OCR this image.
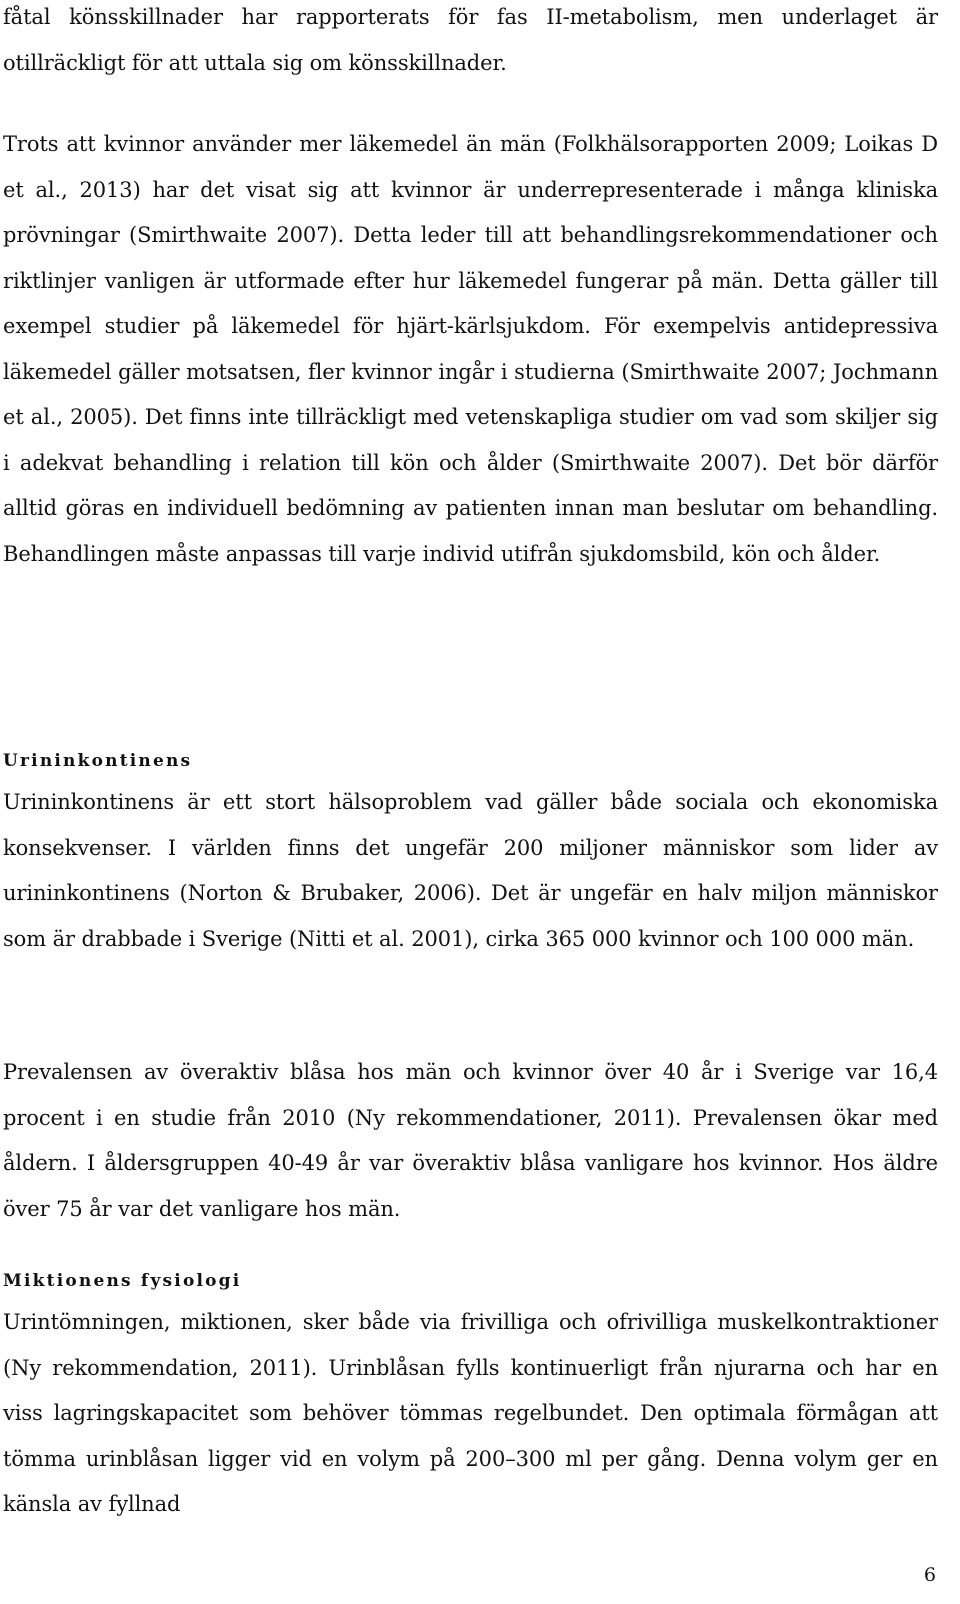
fåtal könsskillnader har rapporterats för fas II-metabolism, men underlaget är otillräckligt för att uttala sig om könsskillnader.

Trots att kvinnor använder mer läkemedel än män (Folkhälsorapporten 2009; Loikas D et al., 2013) har det visat sig att kvinnor är underrepresenterade i många kliniska prövningar (Smirthwaite 2007). Detta leder till att behandlingsrekommendationer och riktlinjer vanligen är utformade efter hur läkemedel fungerar på män. Detta gäller till exempel studier på läkemedel för hjärt-kärlsjukdom. För exempelvis antidepressiva läkemedel gäller motsatsen, fler kvinnor ingår i studierna (Smirthwaite 2007; Jochmann et al., 2005). Det finns inte tillräckligt med vetenskapliga studier om vad som skiljer sig i adekvat behandling i relation till kön och ålder (Smirthwaite 2007). Det bör därför alltid göras en individuell bedömning av patienten innan man beslutar om behandling. Behandlingen måste anpassas till varje individ utifrån sjukdomsbild, kön och ålder.

Urininkontinens

Urininkontinens är ett stort hälsoproblem vad gäller både sociala och ekonomiska konsekvenser. I världen finns det ungefär 200 miljoner människor som lider av urininkontinens (Norton & Brubaker, 2006). Det är ungefär en halv miljon människor som är drabbade i Sverige (Nitti et al. 2001), cirka 365 000 kvinnor och 100 000 män.

Prevalensen av överaktiv blåsa hos män och kvinnor över 40 år i Sverige var 16,4 procent i en studie från 2010 (Ny rekommendationer, 2011). Prevalensen ökar med åldern. I åldersgruppen 40-49 år var överaktiv blåsa vanligare hos kvinnor. Hos äldre över 75 år var det vanligare hos män.

Miktionens fysiologi

Urintömningen, miktionen, sker både via frivilliga och ofrivilliga muskelkontraktioner (Ny rekommendation, 2011). Urinblåsan fylls kontinuerligt från njurarna och har en viss lagringskapacitet som behöver tömmas regelbundet. Den optimala förmågan att tömma urinblåsan ligger vid en volym på 200–300 ml per gång. Denna volym ger en känsla av fyllnad

6
